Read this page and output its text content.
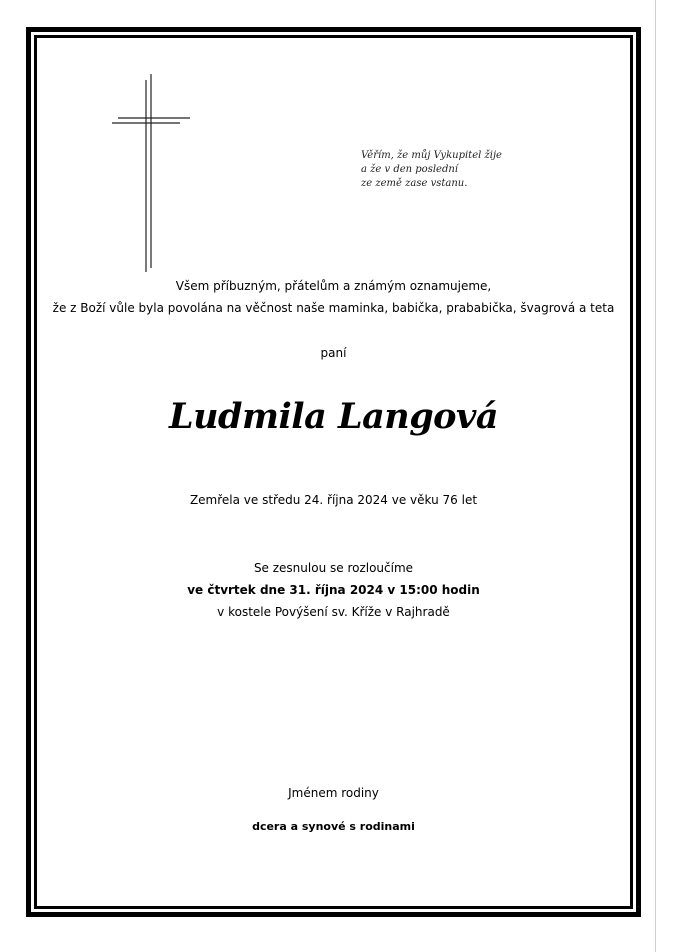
Věřím, že můj Vykupitel žije
a že v den poslední
ze země zase vstanu.
Všem příbuzným, přátelům a známým oznamujeme,
že z Boží vůle byla povolána na věčnost naše maminka, babička, prababička, švagrová a teta
paní
Ludmila Langová
Zemřela ve středu 24. října 2024 ve věku 76 let
Se zesnulou se rozloučíme
ve čtvrtek dne 31. října 2024 v 15:00 hodin
v kostele Povýšení sv. Kříže v Rajhradě
Jménem rodiny
dcera a synové s rodinami
